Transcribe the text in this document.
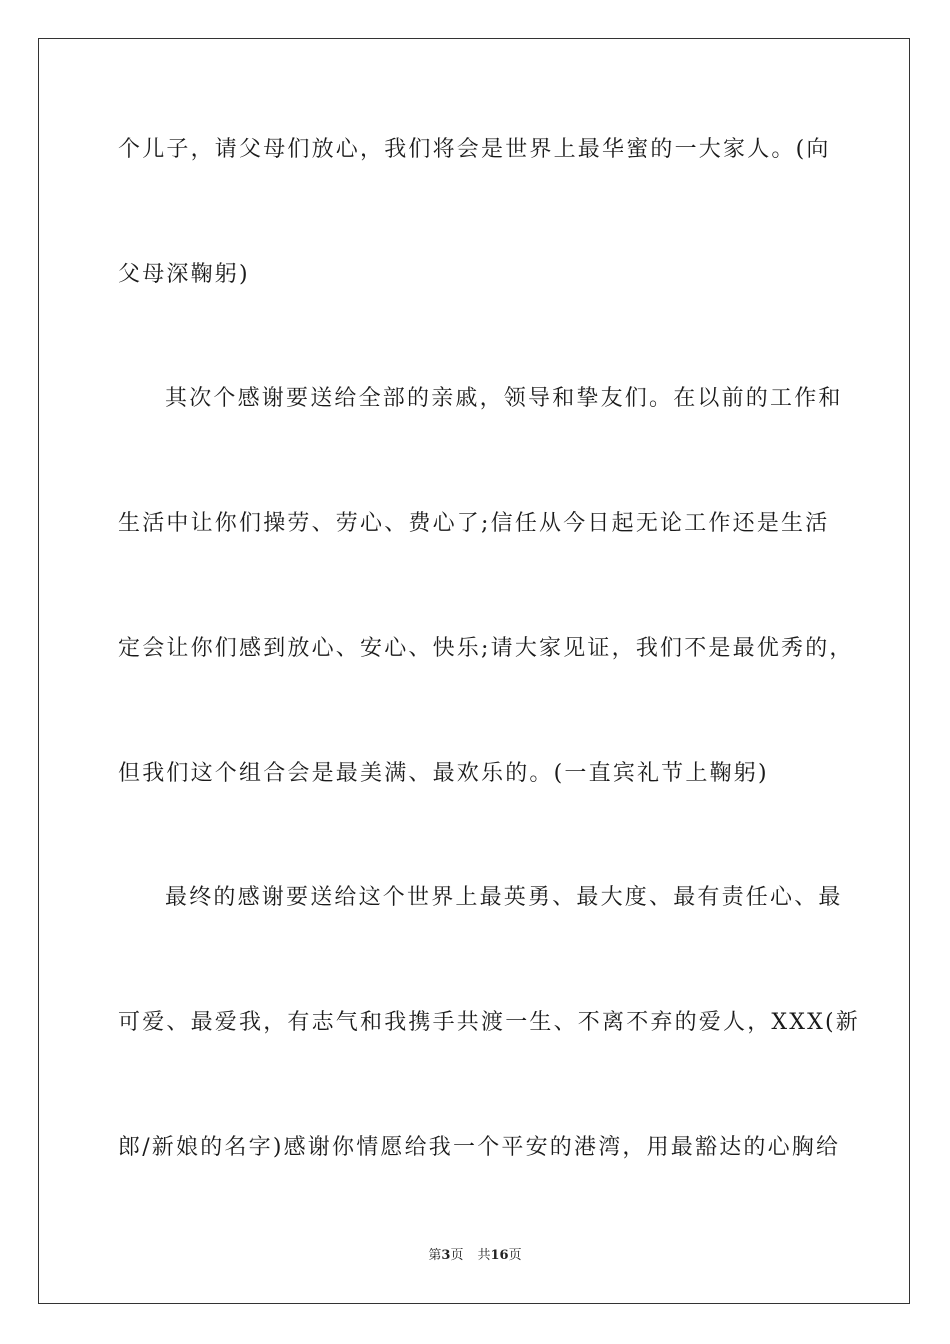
个儿子，请父母们放心，我们将会是世界上最华蜜的一大家人。(向
父母深鞠躬)
其次个感谢要送给全部的亲戚，领导和挚友们。在以前的工作和
生活中让你们操劳、劳心、费心了;信任从今日起无论工作还是生活
定会让你们感到放心、安心、快乐;请大家见证，我们不是最优秀的，
但我们这个组合会是最美满、最欢乐的。(一直宾礼节上鞠躬)
最终的感谢要送给这个世界上最英勇、最大度、最有责任心、最
可爱、最爱我，有志气和我携手共渡一生、不离不弃的爱人，XXX(新
郎/新娘的名字)感谢你情愿给我一个平安的港湾，用最豁达的心胸给
第3页 共16页
